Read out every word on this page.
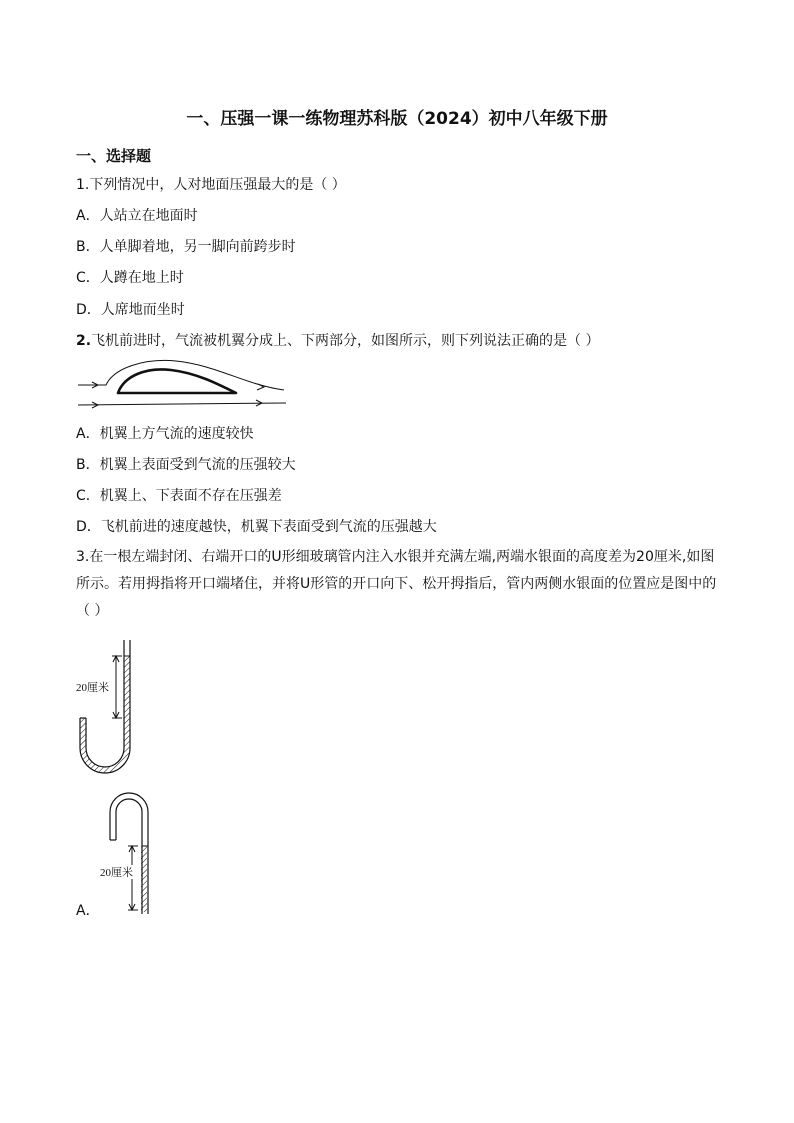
一、压强一课一练物理苏科版（2024）初中八年级下册
一、选择题
1.下列情况中，人对地面压强最大的是（ ）
A．人站立在地面时
B．人单脚着地，另一脚向前跨步时
C．人蹲在地上时
D．人席地而坐时
2.飞机前进时，气流被机翼分成上、下两部分，如图所示，则下列说法正确的是（ ）
A．机翼上方气流的速度较快
B．机翼上表面受到气流的压强较大
C．机翼上、下表面不存在压强差
D．飞机前进的速度越快，机翼下表面受到气流的压强越大
3.在一根左端封闭、右端开口的U形细玻璃管内注入水银并充满左端,两端水银面的高度差为20厘米,如图所示。若用拇指将开口端堵住，并将U形管的开口向下、松开拇指后，管内两侧水银面的位置应是图中的（ ）
20厘米
20厘米
A．
